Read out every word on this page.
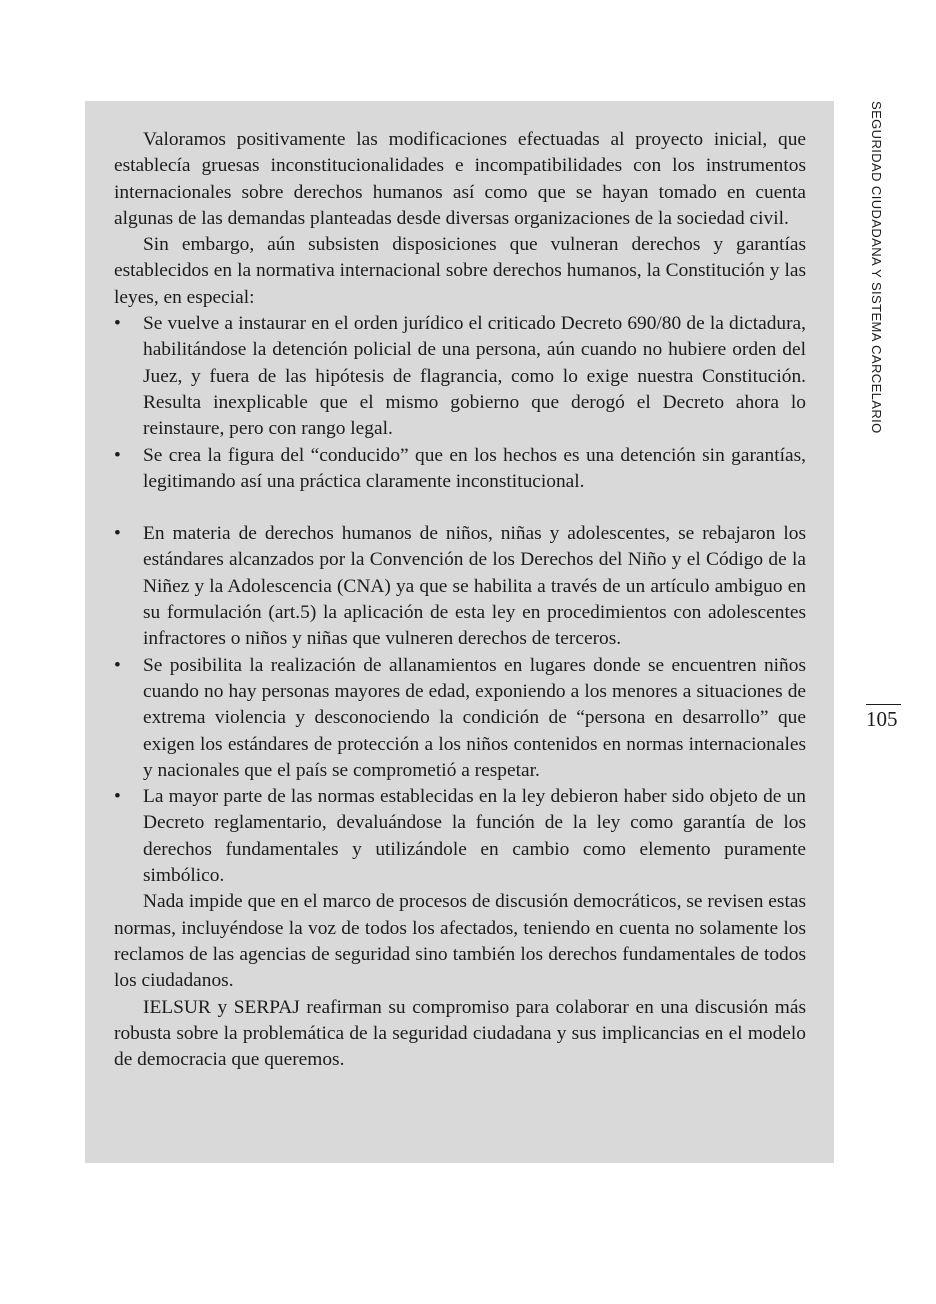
Valoramos positivamente las modificaciones efectuadas al proyecto inicial, que establecía gruesas inconstitucionalidades e incompatibilidades con los instrumentos internacionales sobre derechos humanos así como que se hayan tomado en cuenta algunas de las demandas planteadas desde diversas organizaciones de la sociedad civil.

Sin embargo, aún subsisten disposiciones que vulneran derechos y garantías establecidos en la normativa internacional sobre derechos humanos, la Constitución y las leyes, en especial:

• Se vuelve a instaurar en el orden jurídico el criticado Decreto 690/80 de la dictadura, habilitándose la detención policial de una persona, aún cuando no hubiere orden del Juez, y fuera de las hipótesis de flagrancia, como lo exige nuestra Constitución. Resulta inexplicable que el mismo gobierno que derogó el Decreto ahora lo reinstaure, pero con rango legal.
• Se crea la figura del “conducido” que en los hechos es una detención sin garantías, legitimando así una práctica claramente inconstitucional.
• En materia de derechos humanos de niños, niñas y adolescentes, se rebajaron los estándares alcanzados por la Convención de los Derechos del Niño y el Código de la Niñez y la Adolescencia (CNA) ya que se habilita a través de un artículo ambiguo en su formulación (art.5) la aplicación de esta ley en procedimientos con adolescentes infractores o niños y niñas que vulneren derechos de terceros.
• Se posibilita la realización de allanamientos en lugares donde se encuentren niños cuando no hay personas mayores de edad, exponiendo a los menores a situaciones de extrema violencia y desconociendo la condición de “persona en desarrollo” que exigen los estándares de protección a los niños contenidos en normas internacionales y nacionales que el país se comprometió a respetar.
• La mayor parte de las normas establecidas en la ley debieron haber sido objeto de un Decreto reglamentario, devaluándose la función de la ley como garantía de los derechos fundamentales y utilizándole en cambio como elemento puramente simbólico.

Nada impide que en el marco de procesos de discusión democráticos, se revisen estas normas, incluyéndose la voz de todos los afectados, teniendo en cuenta no solamente los reclamos de las agencias de seguridad sino también los derechos fundamentales de todos los ciudadanos.

IELSUR y SERPAJ reafirman su compromiso para colaborar en una discusión más robusta sobre la problemática de la seguridad ciudadana y sus implicancias en el modelo de democracia que queremos.

SEGURIDAD CIUDADANA Y SISTEMA CARCELARIO
105
